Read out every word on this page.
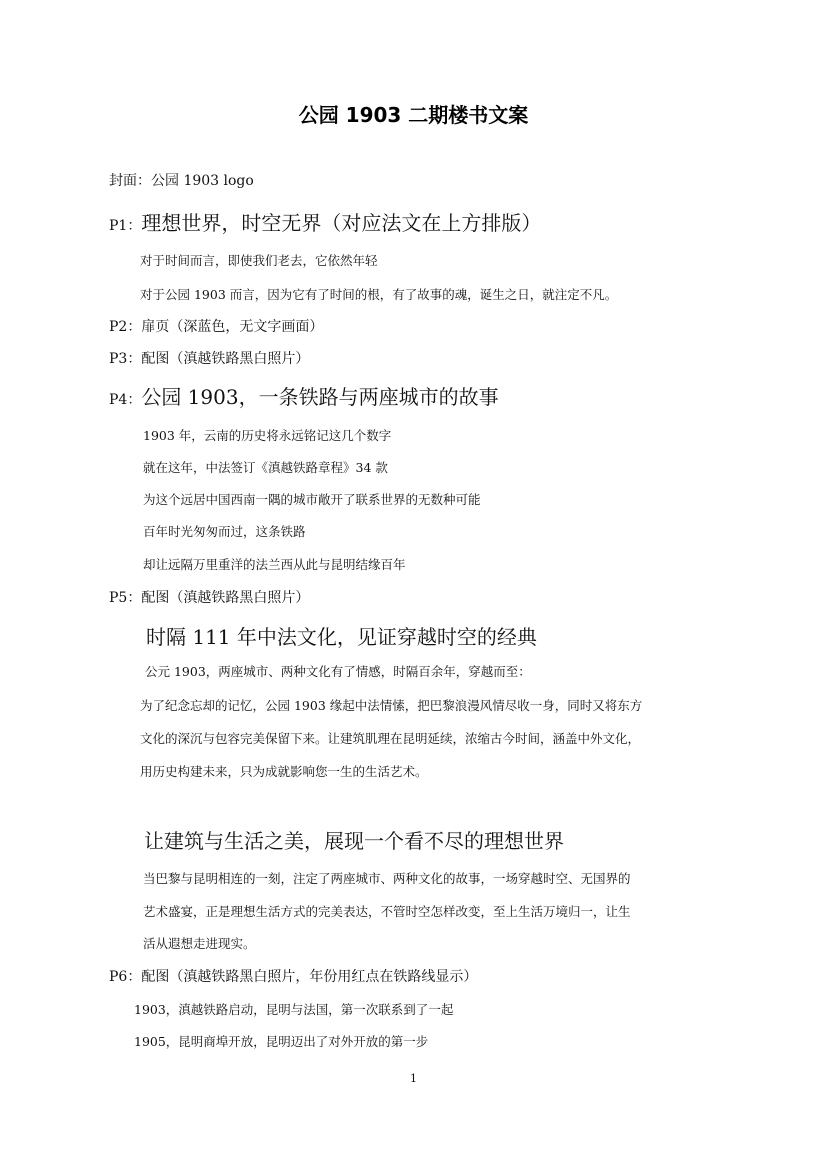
公园 1903 二期楼书文案
封面：公园 1903 logo
P1：理想世界，时空无界（对应法文在上方排版）
对于时间而言，即使我们老去，它依然年轻
对于公园 1903 而言，因为它有了时间的根，有了故事的魂，诞生之日，就注定不凡。
P2：扉页（深蓝色，无文字画面）
P3：配图（滇越铁路黑白照片）
P4：公园 1903，一条铁路与两座城市的故事
1903 年，云南的历史将永远铭记这几个数字
就在这年，中法签订《滇越铁路章程》34 款
为这个远居中国西南一隅的城市敞开了联系世界的无数种可能
百年时光匆匆而过，这条铁路
却让远隔万里重洋的法兰西从此与昆明结缘百年
P5：配图（滇越铁路黑白照片）
时隔 111 年中法文化，见证穿越时空的经典
公元 1903，两座城市、两种文化有了情感，时隔百余年，穿越而至：
为了纪念忘却的记忆，公园 1903 缘起中法情愫，把巴黎浪漫风情尽收一身，同时又将东方
文化的深沉与包容完美保留下来。让建筑肌理在昆明延续，浓缩古今时间，涵盖中外文化，
用历史构建未来，只为成就影响您一生的生活艺术。
让建筑与生活之美，展现一个看不尽的理想世界
当巴黎与昆明相连的一刻，注定了两座城市、两种文化的故事，一场穿越时空、无国界的
艺术盛宴，正是理想生活方式的完美表达，不管时空怎样改变，至上生活万境归一，让生
活从遐想走进现实。
P6：配图（滇越铁路黑白照片，年份用红点在铁路线显示）
1903，滇越铁路启动，昆明与法国，第一次联系到了一起
1905，昆明商埠开放，昆明迈出了对外开放的第一步
1
